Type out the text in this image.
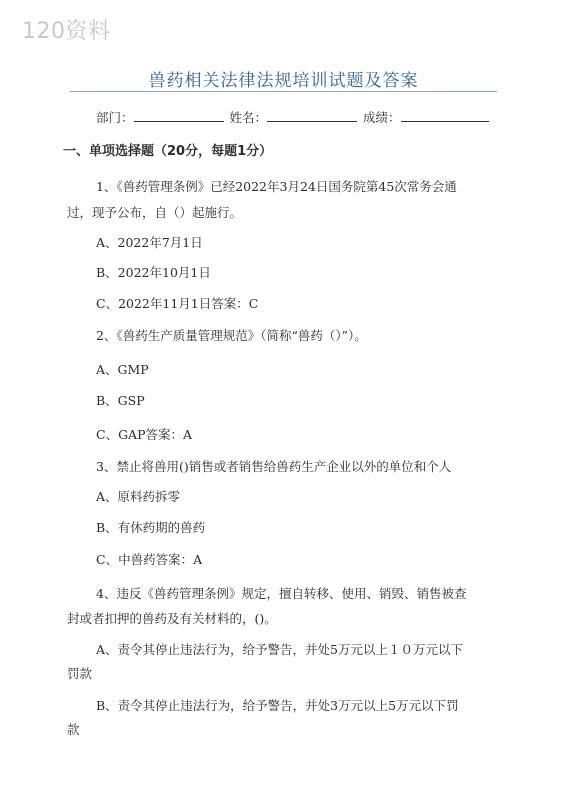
120资料
兽药相关法律法规培训试题及答案
部门：	姓名：	成绩：
一、单项选择题（20分，每题1分）
1、《兽药管理条例》已经2022年3月24日国务院第45次常务会通
过，现予公布，自（）起施行。
A、2022年7月1日
B、2022年10月1日
C、2022年11月1日答案：C
2、《兽药生产质量管理规范》（简称“兽药（）”）。
A、GMP
B、GSP
C、GAP答案：A
3、禁止将兽用()销售或者销售给兽药生产企业以外的单位和个人
A、原料药拆零
B、有休药期的兽药
C、中兽药答案：A
4、违反《兽药管理条例》规定，擅自转移、使用、销毁、销售被查
封或者扣押的兽药及有关材料的，()。
A、责令其停止违法行为，给予警告，并处5万元以上１０万元以下
罚款
B、责令其停止违法行为，给予警告，并处3万元以上5万元以下罚
款
